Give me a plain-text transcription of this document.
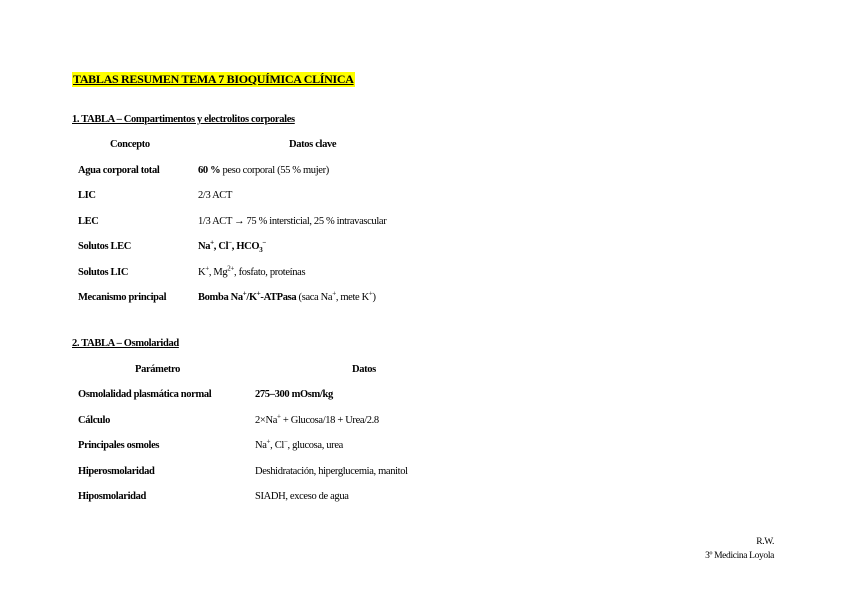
TABLAS RESUMEN TEMA 7 BIOQUÍMICA CLÍNICA
1. TABLA – Compartimentos y electrolitos corporales
Concepto	Datos clave
Agua corporal total	60 % peso corporal (55 % mujer)
LIC	2/3 ACT
LEC	1/3 ACT → 75 % intersticial, 25 % intravascular
Solutos LEC	Na+, Cl−, $HCO_3^-$
Solutos LIC	K+, $Mg^{2+}$, fosfato, proteínas
Mecanismo principal	Bomba Na+/K+-ATPasa (saca Na+, mete K+)
2. TABLA – Osmolaridad
Parámetro	Datos
Osmolalidad plasmática normal	275–300 mOsm/kg
Cálculo	2×Na+ + Glucosa/18 + Urea/2.8
Principales osmoles	Na+, Cl−, glucosa, urea
Hiperosmolaridad	Deshidratación, hiperglucemia, manitol
Hiposmolaridad	SIADH, exceso de agua
R.W.
3º Medicina Loyola
